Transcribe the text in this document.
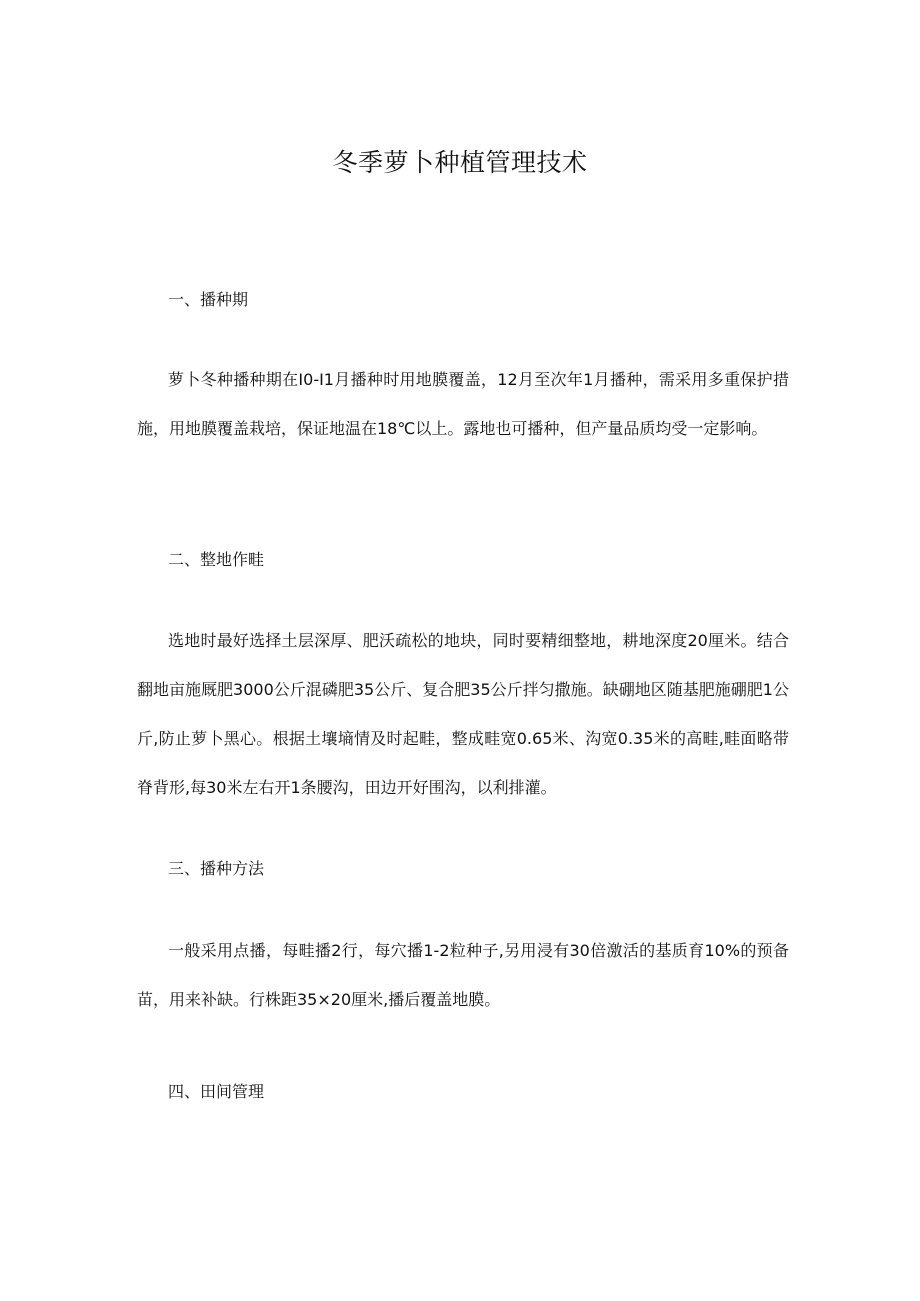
冬季萝卜种植管理技术
一、播种期

萝卜冬种播种期在I0-I1月播种时用地膜覆盖，12月至次年1月播种，需采用多重保护措施，用地膜覆盖栽培，保证地温在18℃以上。露地也可播种，但产量品质均受一定影响。

二、整地作畦

选地时最好选择土层深厚、肥沃疏松的地块，同时要精细整地，耕地深度20厘米。结合翻地亩施厩肥3000公斤混磷肥35公斤、复合肥35公斤拌匀撒施。缺硼地区随基肥施硼肥1公斤,防止萝卜黑心。根据土壤墒情及时起畦，整成畦宽0.65米、沟宽0.35米的高畦,畦面略带脊背形,每30米左右开1条腰沟，田边开好围沟，以利排灌。

三、播种方法

一般采用点播，每畦播2行，每穴播1-2粒种子,另用浸有30倍激活的基质育10%的预备苗，用来补缺。行株距35×20厘米,播后覆盖地膜。

四、田间管理
